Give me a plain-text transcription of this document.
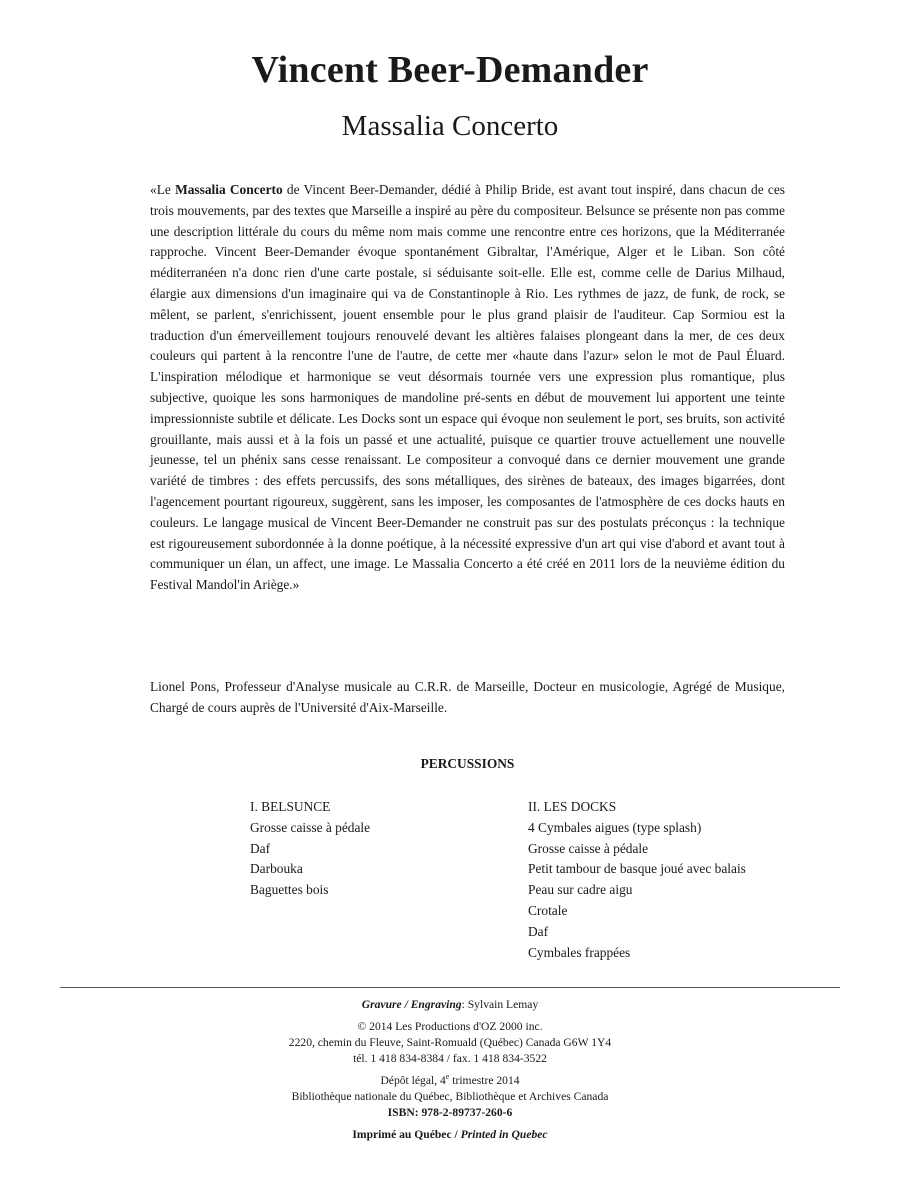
Vincent Beer-Demander
Massalia Concerto
«Le Massalia Concerto de Vincent Beer-Demander, dédié à Philip Bride, est avant tout inspiré, dans chacun de ces trois mouvements, par des textes que Marseille a inspiré au père du compositeur. Belsunce se présente non pas comme une description littérale du cours du même nom mais comme une rencontre entre ces horizons, que la Méditerranée rapproche. Vincent Beer-Demander évoque spontanément Gibraltar, l'Amérique, Alger et le Liban. Son côté méditerranéen n'a donc rien d'une carte postale, si séduisante soit-elle. Elle est, comme celle de Darius Milhaud, élargie aux dimensions d'un imaginaire qui va de Constantinople à Rio. Les rythmes de jazz, de funk, de rock, se mêlent, se parlent, s'enrichissent, jouent ensemble pour le plus grand plaisir de l'auditeur. Cap Sormiou est la traduction d'un émerveillement toujours renouvelé devant les altières falaises plongeant dans la mer, de ces deux couleurs qui partent à la rencontre l'une de l'autre, de cette mer «haute dans l'azur» selon le mot de Paul Éluard. L'inspiration mélodique et harmonique se veut désormais tournée vers une expression plus romantique, plus subjective, quoique les sons harmoniques de mandoline pré-sents en début de mouvement lui apportent une teinte impressionniste subtile et délicate. Les Docks sont un espace qui évoque non seulement le port, ses bruits, son activité grouillante, mais aussi et à la fois un passé et une actualité, puisque ce quartier trouve actuellement une nouvelle jeunesse, tel un phénix sans cesse renaissant. Le compositeur a convoqué dans ce dernier mouvement une grande variété de timbres : des effets percussifs, des sons métalliques, des sirènes de bateaux, des images bigarrées, dont l'agencement pourtant rigoureux, suggèrent, sans les imposer, les composantes de l'atmosphère de ces docks hauts en couleurs. Le langage musical de Vincent Beer-Demander ne construit pas sur des postulats préconçus : la technique est rigoureusement subordonnée à la donne poétique, à la nécessité expressive d'un art qui vise d'abord et avant tout à communiquer un élan, un affect, une image. Le Massalia Concerto a été créé en 2011 lors de la neuvième édition du Festival Mandol'in Ariège.»
Lionel Pons, Professeur d'Analyse musicale au C.R.R. de Marseille, Docteur en musicologie, Agrégé de Musique, Chargé de cours auprès de l'Université d'Aix-Marseille.
PERCUSSIONS
I. BELSUNCE
Grosse caisse à pédale
Daf
Darbouka
Baguettes bois
II. LES DOCKS
4 Cymbales aigues (type splash)
Grosse caisse à pédale
Petit tambour de basque joué avec balais
Peau sur cadre aigu
Crotale
Daf
Cymbales frappées
Gravure / Engraving: Sylvain Lemay
© 2014 Les Productions d'OZ 2000 inc.
2220, chemin du Fleuve, Saint-Romuald (Québec) Canada G6W 1Y4
tél. 1 418 834-8384 / fax. 1 418 834-3522
Dépôt légal, 4e trimestre 2014
Bibliothèque nationale du Québec, Bibliothèque et Archives Canada
ISBN: 978-2-89737-260-6
Imprimé au Québec / Printed in Quebec
